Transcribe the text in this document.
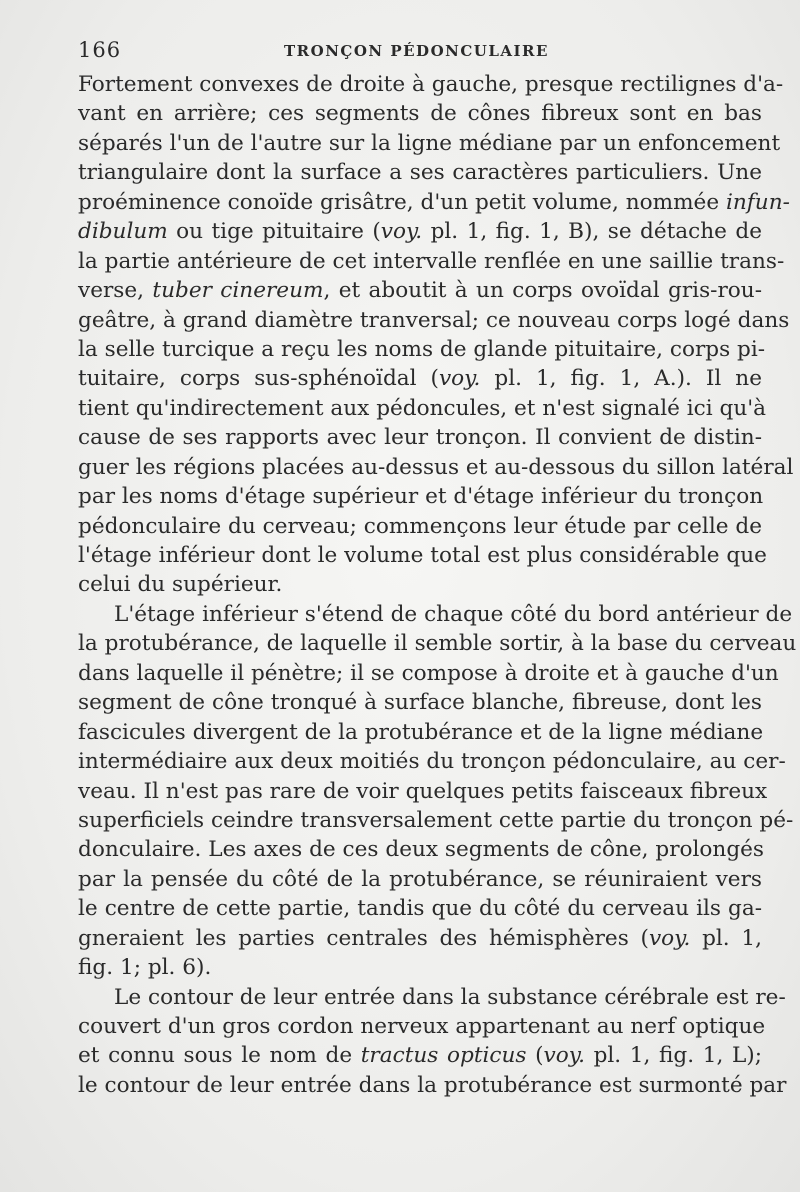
166	TRONÇON PÉDONCULAIRE
Fortement convexes de droite à gauche, presque rectilignes d'a-
vant en arrière; ces segments de cônes fibreux sont en bas
séparés l'un de l'autre sur la ligne médiane par un enfoncement
triangulaire dont la surface a ses caractères particuliers. Une
proéminence conoïde grisâtre, d'un petit volume, nommée infun-
dibulum ou tige pituitaire (voy. pl. 1, fig. 1, B), se détache de
la partie antérieure de cet intervalle renflée en une saillie trans-
verse, tuber cinereum, et aboutit à un corps ovoïdal gris-rou-
geâtre, à grand diamètre tranversal; ce nouveau corps logé dans
la selle turcique a reçu les noms de glande pituitaire, corps pi-
tuitaire, corps sus-sphénoïdal (voy. pl. 1, fig. 1, A.). Il ne
tient qu'indirectement aux pédoncules, et n'est signalé ici qu'à
cause de ses rapports avec leur tronçon. Il convient de distin-
guer les régions placées au-dessus et au-dessous du sillon latéral
par les noms d'étage supérieur et d'étage inférieur du tronçon
pédonculaire du cerveau; commençons leur étude par celle de
l'étage inférieur dont le volume total est plus considérable que
celui du supérieur.
L'étage inférieur s'étend de chaque côté du bord antérieur de
la protubérance, de laquelle il semble sortir, à la base du cerveau
dans laquelle il pénètre; il se compose à droite et à gauche d'un
segment de cône tronqué à surface blanche, fibreuse, dont les
fascicules divergent de la protubérance et de la ligne médiane
intermédiaire aux deux moitiés du tronçon pédonculaire, au cer-
veau. Il n'est pas rare de voir quelques petits faisceaux fibreux
superficiels ceindre transversalement cette partie du tronçon pé-
donculaire. Les axes de ces deux segments de cône, prolongés
par la pensée du côté de la protubérance, se réuniraient vers
le centre de cette partie, tandis que du côté du cerveau ils ga-
gneraient les parties centrales des hémisphères (voy. pl. 1,
fig. 1; pl. 6).
Le contour de leur entrée dans la substance cérébrale est re-
couvert d'un gros cordon nerveux appartenant au nerf optique
et connu sous le nom de tractus opticus (voy. pl. 1, fig. 1, L);
le contour de leur entrée dans la protubérance est surmonté par
